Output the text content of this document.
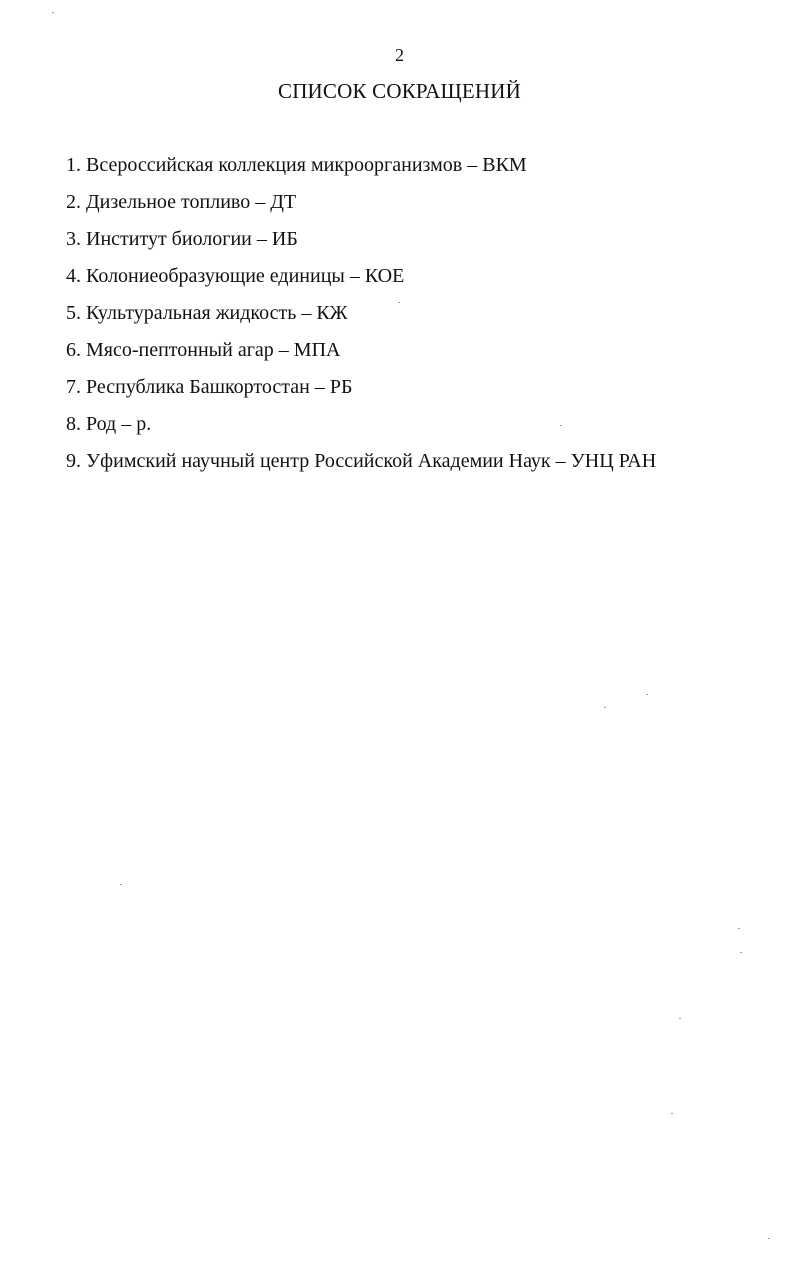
2
СПИСОК СОКРАЩЕНИЙ
1. Всероссийская коллекция микроорганизмов – ВКМ
2. Дизельное топливо – ДТ
3. Институт биологии – ИБ
4. Колониеобразующие единицы – КОЕ
5. Культуральная жидкость – КЖ
6. Мясо-пептонный агар – МПА
7. Республика Башкортостан – РБ
8. Род – р.
9. Уфимский научный центр Российской Академии Наук – УНЦ РАН
